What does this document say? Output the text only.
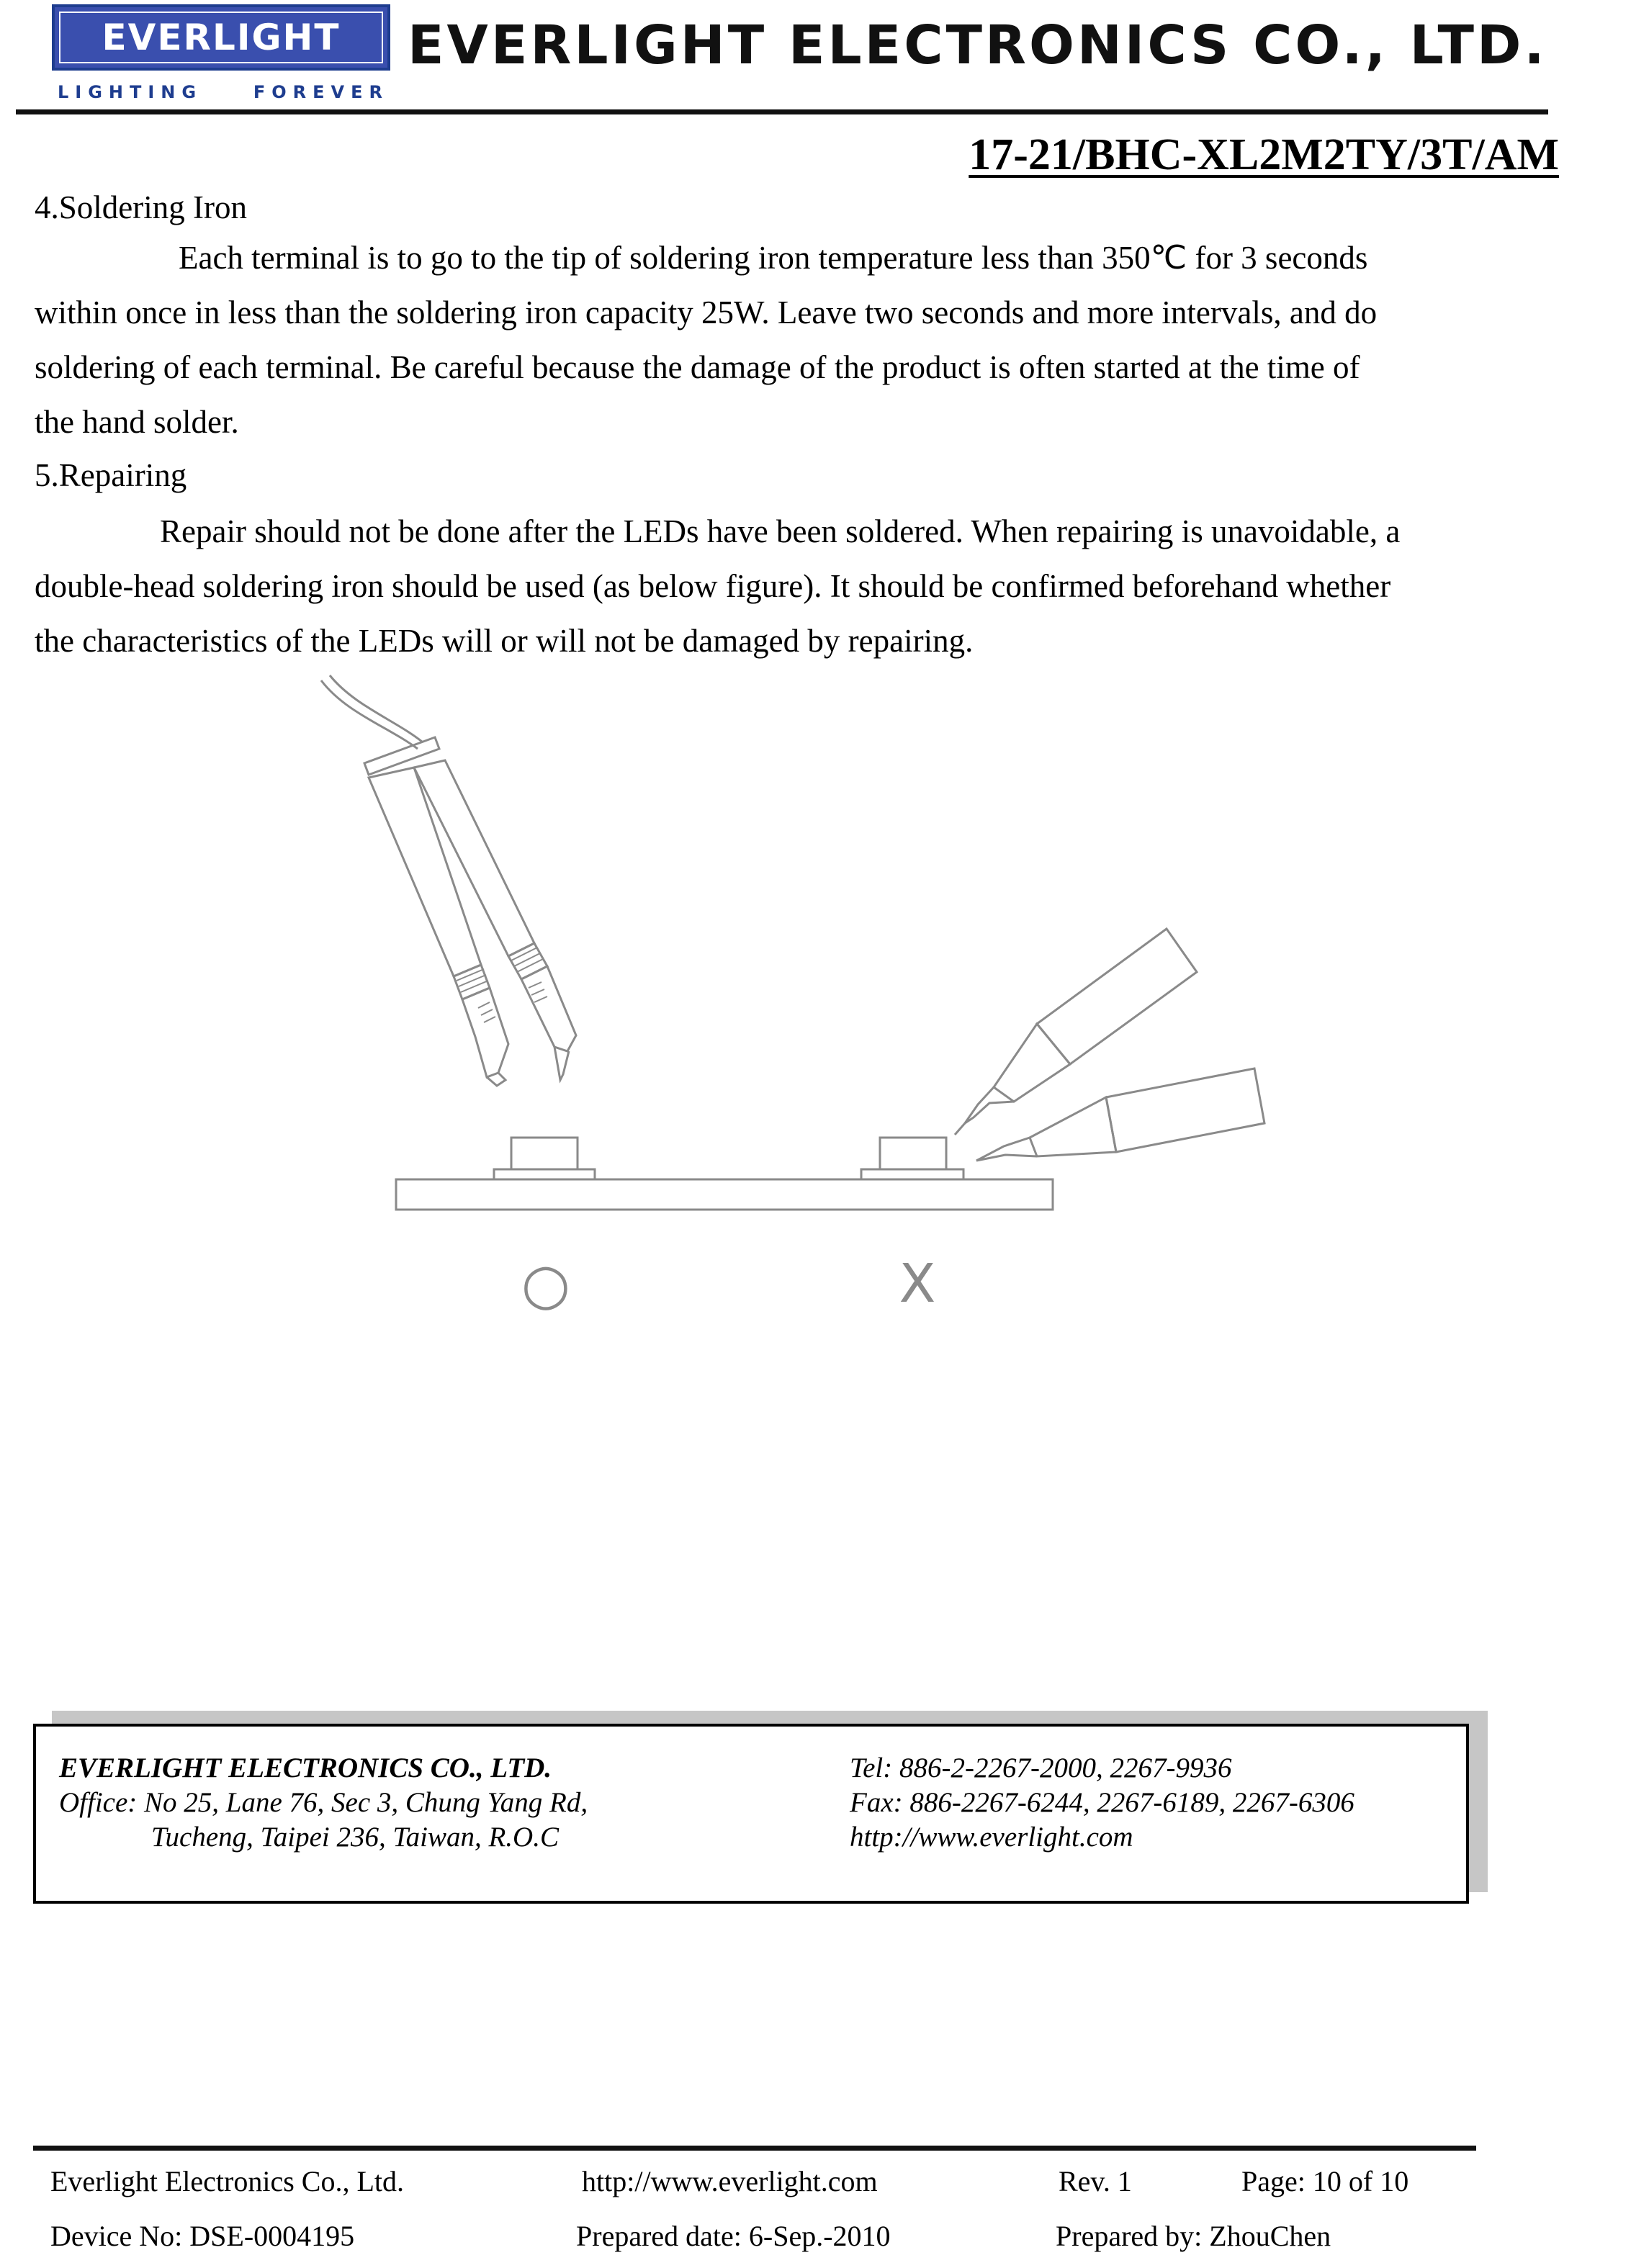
EVERLIGHT
LIGHTING	FOREVER
EVERLIGHT ELECTRONICS CO., LTD.
17-21/BHC-XL2M2TY/3T/AM
4.Soldering Iron
Each terminal is to go to the tip of soldering iron temperature less than 350℃ for 3 seconds
within once in less than the soldering iron capacity 25W. Leave two seconds and more intervals, and do
soldering of each terminal. Be careful because the damage of the product is often started at the time of
the hand solder.
5.Repairing
Repair should not be done after the LEDs have been soldered. When repairing is unavoidable, a
double-head soldering iron should be used (as below figure). It should be confirmed beforehand whether
the characteristics of the LEDs will or will not be damaged by repairing.
○	X
EVERLIGHT ELECTRONICS CO., LTD.
Office: No 25, Lane 76, Sec 3, Chung Yang Rd,
Tucheng, Taipei 236, Taiwan, R.O.C
Tel: 886-2-2267-2000, 2267-9936
Fax: 886-2267-6244, 2267-6189, 2267-6306
http://www.everlight.com
Everlight Electronics Co., Ltd.	http://www.everlight.com	Rev. 1	Page: 10 of 10
Device No: DSE-0004195	Prepared date: 6-Sep.-2010	Prepared by: ZhouChen
